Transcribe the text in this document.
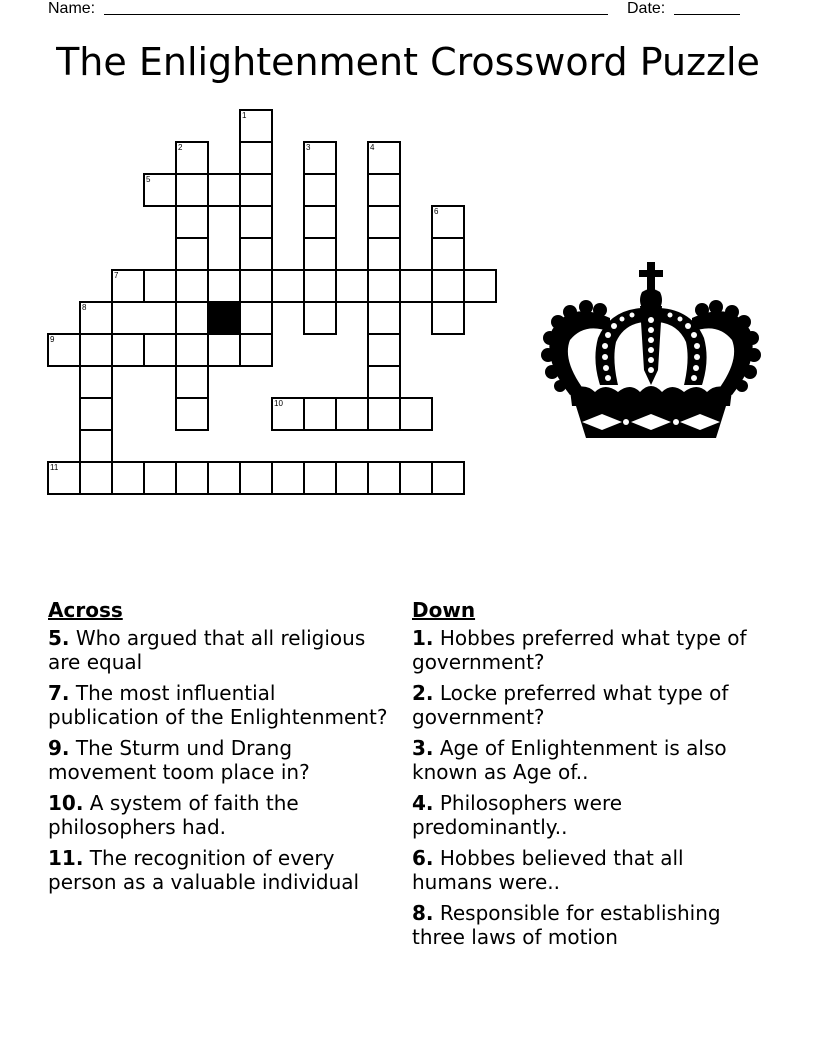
Name:	Date:
The Enlightenment Crossword Puzzle
1
2	3	4
5
6
7
8
9
10
11
Across
5. Who argued that all religious are equal
7. The most influential publication of the Enlightenment?
9. The Sturm und Drang movement toom place in?
10. A system of faith the philosophers had.
11. The recognition of every person as a valuable individual
Down
1. Hobbes preferred what type of government?
2. Locke preferred what type of government?
3. Age of Enlightenment is also known as Age of..
4. Philosophers were predominantly..
6. Hobbes believed that all humans were..
8. Responsible for establishing three laws of motion
